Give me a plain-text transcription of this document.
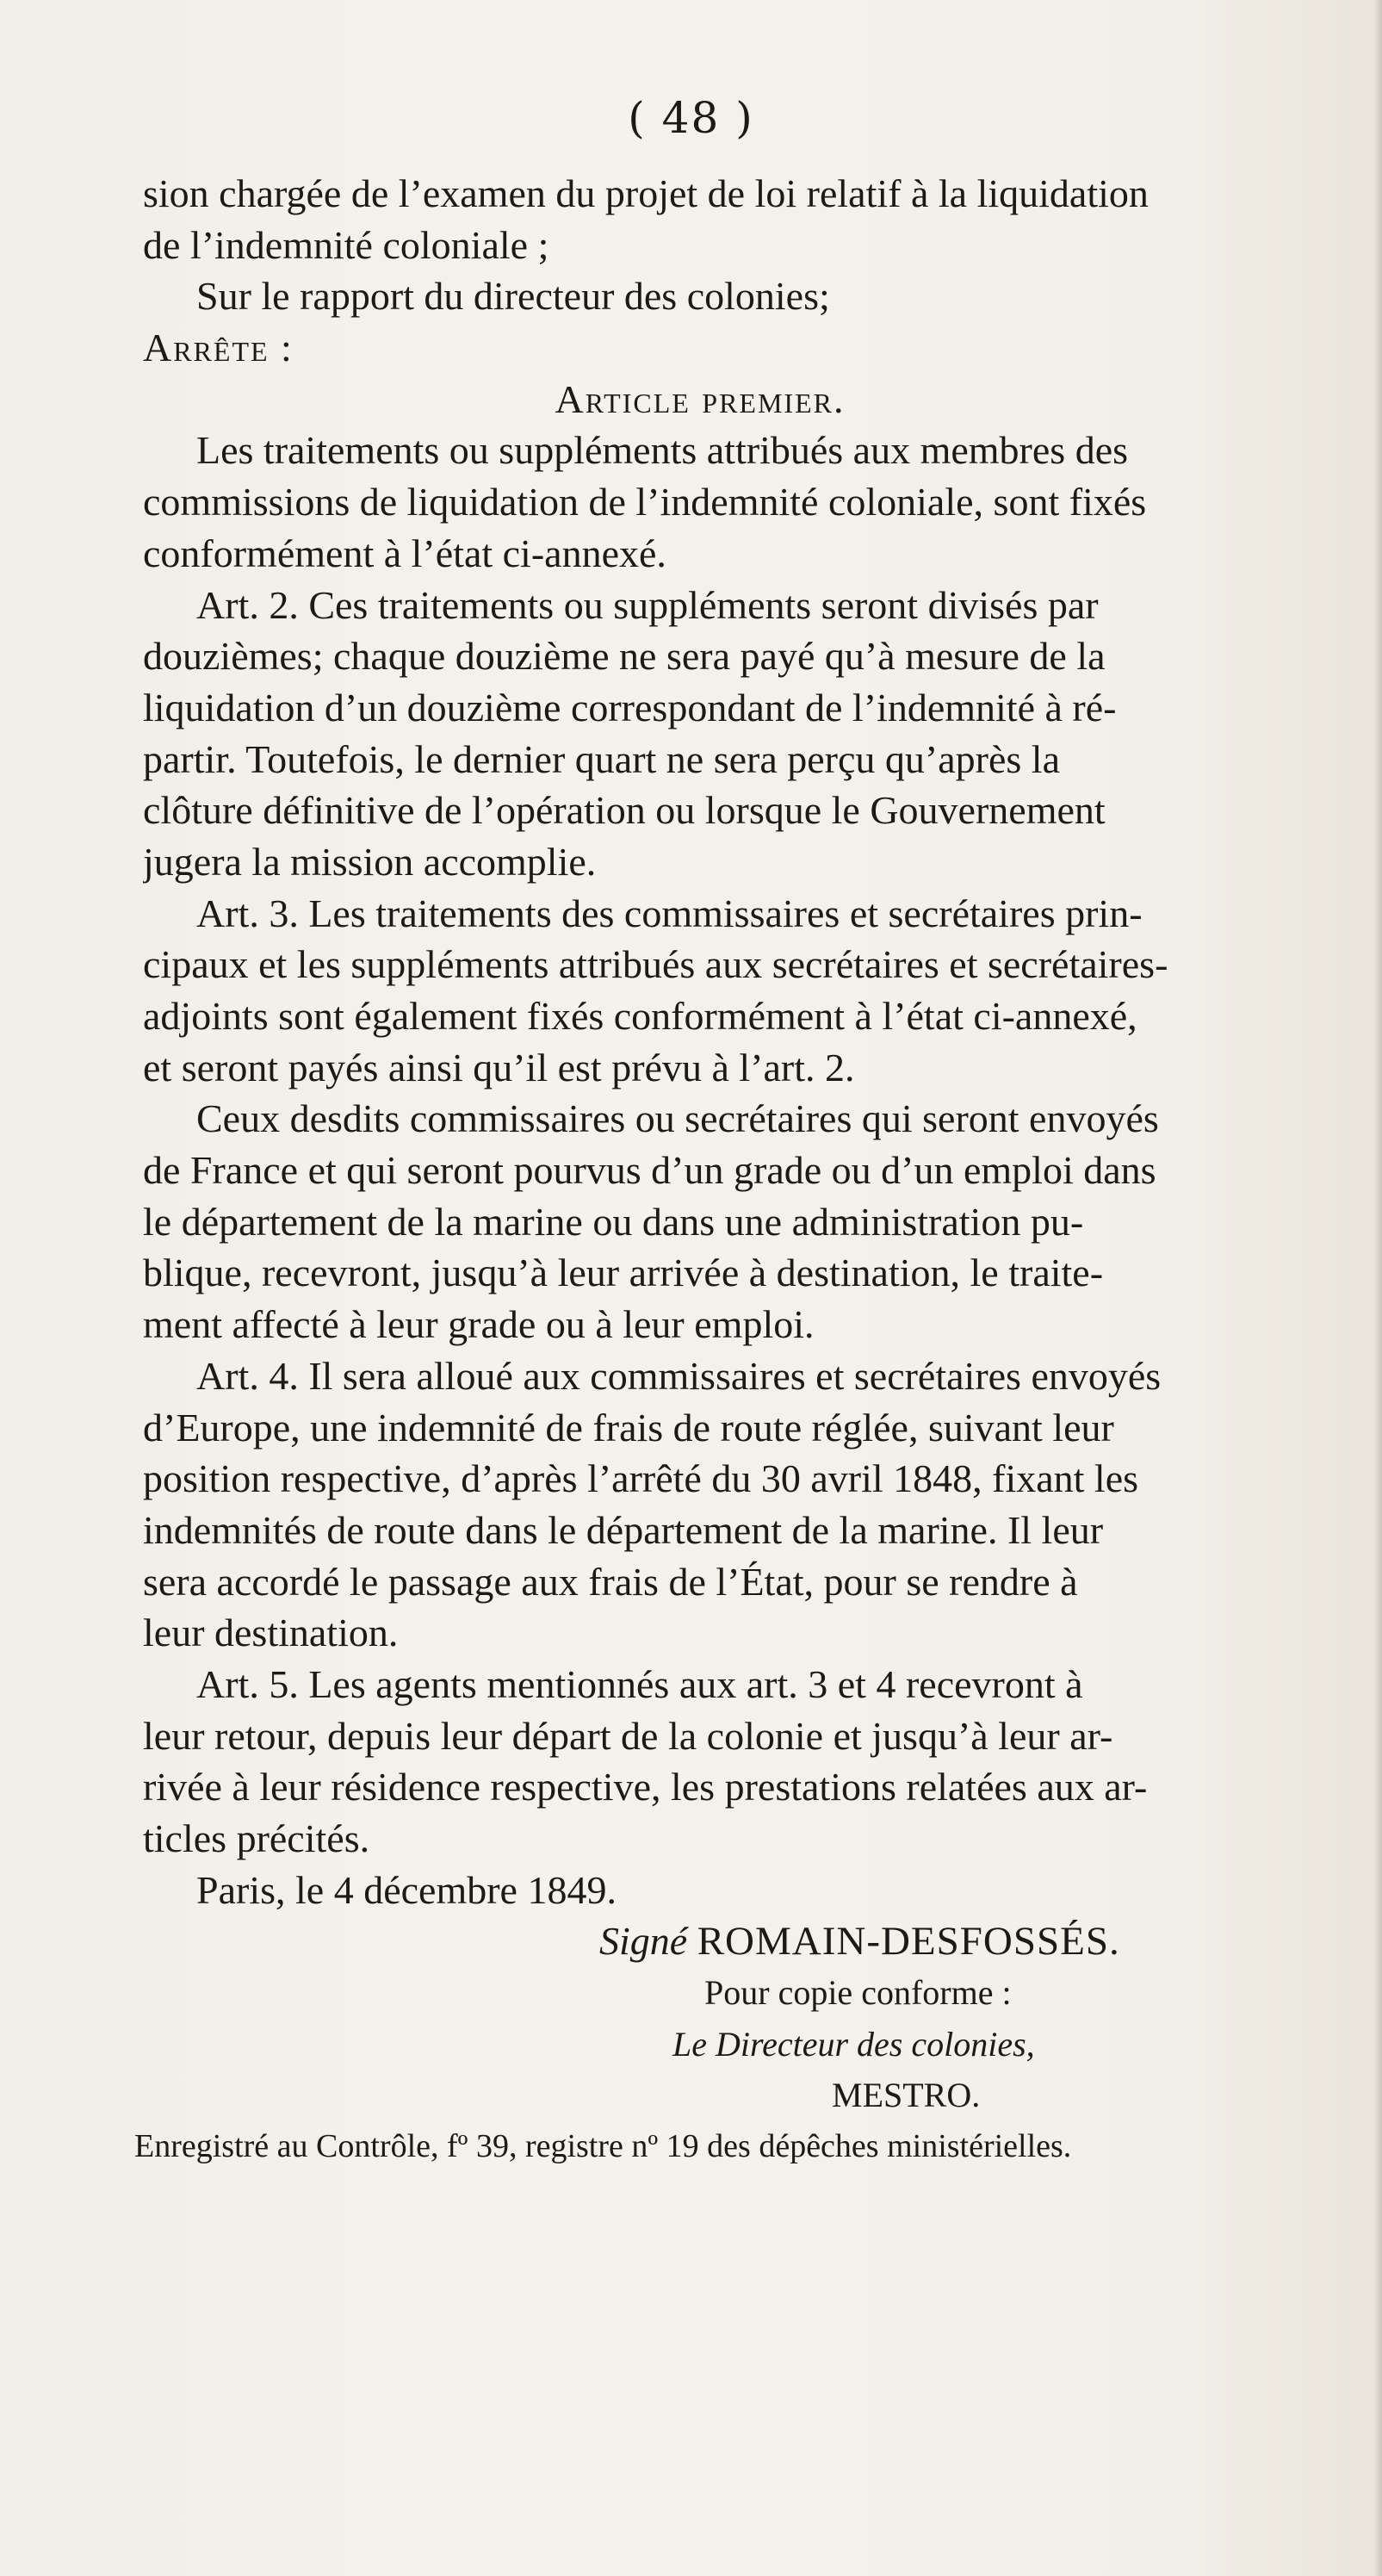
( 48 )
sion chargée de l’examen du projet de loi relatif à la liquidation
de l’indemnité coloniale ;
Sur le rapport du directeur des colonies;
Arrête :
Article premier.
Les traitements ou suppléments attribués aux membres des
commissions de liquidation de l’indemnité coloniale, sont fixés
conformément à l’état ci-annexé.
Art. 2. Ces traitements ou suppléments seront divisés par
douzièmes; chaque douzième ne sera payé qu’à mesure de la
liquidation d’un douzième correspondant de l’indemnité à ré-
partir. Toutefois, le dernier quart ne sera perçu qu’après la
clôture définitive de l’opération ou lorsque le Gouvernement
jugera la mission accomplie.
Art. 3. Les traitements des commissaires et secrétaires prin-
cipaux et les suppléments attribués aux secrétaires et secrétaires-
adjoints sont également fixés conformément à l’état ci-annexé,
et seront payés ainsi qu’il est prévu à l’art. 2.
Ceux desdits commissaires ou secrétaires qui seront envoyés
de France et qui seront pourvus d’un grade ou d’un emploi dans
le département de la marine ou dans une administration pu-
blique, recevront, jusqu’à leur arrivée à destination, le traite-
ment affecté à leur grade ou à leur emploi.
Art. 4. Il sera alloué aux commissaires et secrétaires envoyés
d’Europe, une indemnité de frais de route réglée, suivant leur
position respective, d’après l’arrêté du 30 avril 1848, fixant les
indemnités de route dans le département de la marine. Il leur
sera accordé le passage aux frais de l’État, pour se rendre à
leur destination.
Art. 5. Les agents mentionnés aux art. 3 et 4 recevront à
leur retour, depuis leur départ de la colonie et jusqu’à leur ar-
rivée à leur résidence respective, les prestations relatées aux ar-
ticles précités.
Paris, le 4 décembre 1849.
Signé ROMAIN-DESFOSSÉS.
Pour copie conforme :
Le Directeur des colonies,
MESTRO.
Enregistré au Contrôle, fº 39, registre nº 19 des dépêches ministérielles.
